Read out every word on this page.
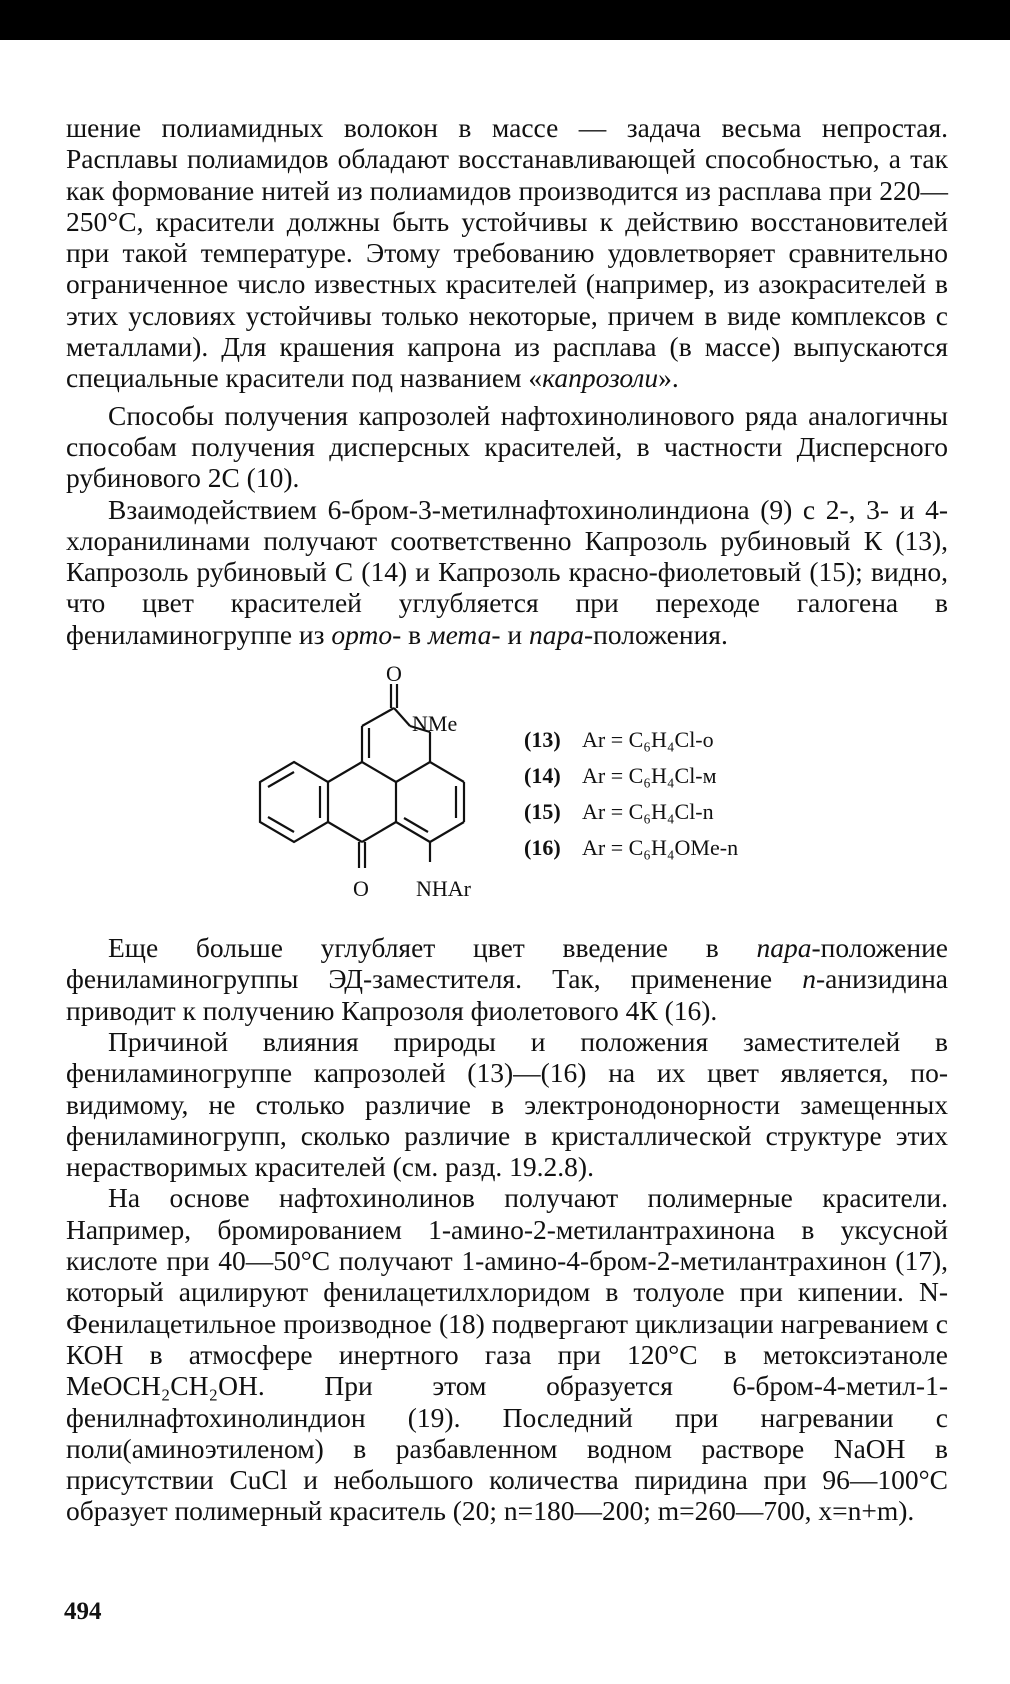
шение полиамидных волокон в массе — задача весьма непростая. Расплавы полиамидов обладают восстанавливающей способностью, а так как формование нитей из полиамидов производится из расплава при 220—250°С, красители должны быть устойчивы к действию восстановителей при такой температуре. Этому требованию удовлетворяет сравнительно ограниченное число известных красителей (например, из азокрасителей в этих условиях устойчивы только некоторые, причем в виде комплексов с металлами). Для крашения капрона из расплава (в массе) выпускаются специальные красители под названием «капрозоли».

Способы получения капрозолей нафтохинолинового ряда аналогичны способам получения дисперсных красителей, в частности Дисперсного рубинового 2С (10).

Взаимодействием 6-бром-3-метилнафтохинолиндиона (9) с 2-, 3- и 4-хлоранилинами получают соответственно Капрозоль рубиновый К (13), Капрозоль рубиновый С (14) и Капрозоль красно-фиолетовый (15); видно, что цвет красителей углубляется при переходе галогена в фениламиногруппе из орто- в мета- и пара-положения.

O
NMe
O NHAr
(13) Ar = C₆H₄Cl-o
(14) Ar = C₆H₄Cl-м
(15) Ar = C₆H₄Cl-n
(16) Ar = C₆H₄OMe-n

Еще больше углубляет цвет введение в пара-положение фениламиногруппы ЭД-заместителя. Так, применение п-анизидина приводит к получению Капрозоля фиолетового 4К (16).

Причиной влияния природы и положения заместителей в фениламиногруппе капрозолей (13)—(16) на их цвет является, по-видимому, не столько различие в электронодонорности замещенных фениламиногрупп, сколько различие в кристаллической структуре этих нерастворимых красителей (см. разд. 19.2.8).

На основе нафтохинолинов получают полимерные красители. Например, бромированием 1-амино-2-метилантрахинона в уксусной кислоте при 40—50°С получают 1-амино-4-бром-2-метилантрахинон (17), который ацилируют фенилацетилхлоридом в толуоле при кипении. N-Фенилацетильное производное (18) подвергают циклизации нагреванием с КОН в атмосфере инертного газа при 120°С в метоксиэтаноле MeOCH₂CH₂OH. При этом образуется 6-бром-4-метил-1-фенилнафтохинолиндион (19). Последний при нагревании с поли(аминоэтиленом) в разбавленном водном растворе NaOH в присутствии CuCl и небольшого количества пиридина при 96—100°С образует полимерный краситель (20; n=180—200; m=260—700, x=n+m).

494
